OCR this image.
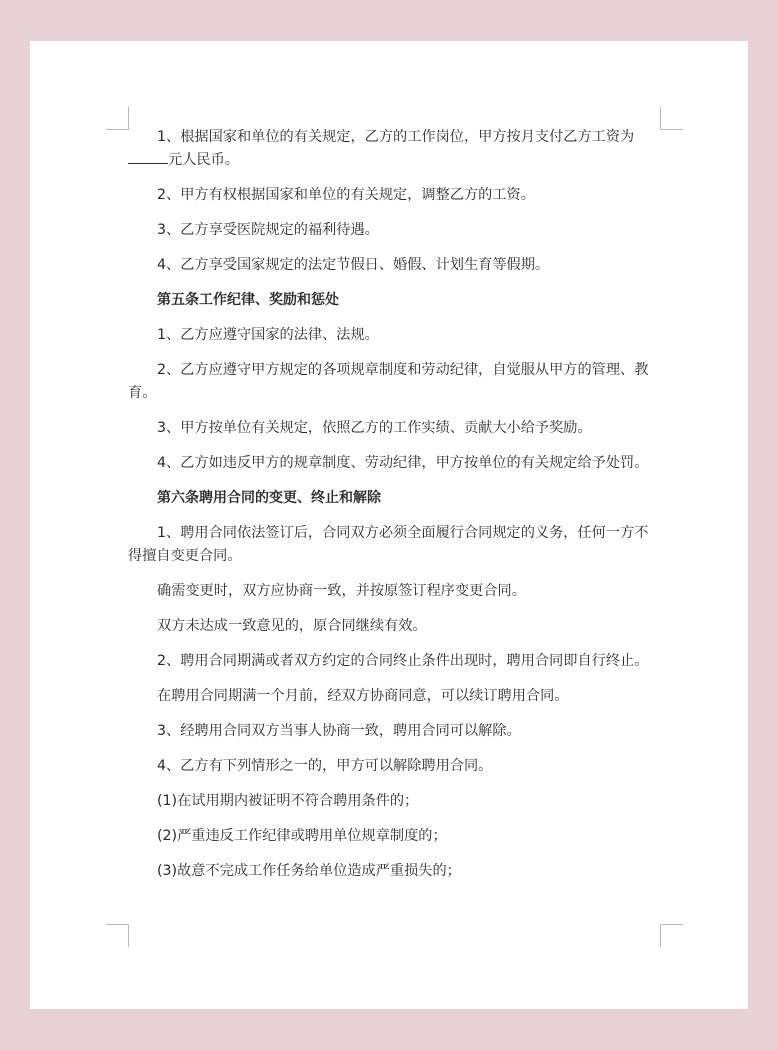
1、根据国家和单位的有关规定，乙方的工作岗位，甲方按月支付乙方工资为元人民币。

2、甲方有权根据国家和单位的有关规定，调整乙方的工资。

3、乙方享受医院规定的福利待遇。

4、乙方享受国家规定的法定节假日、婚假、计划生育等假期。

第五条工作纪律、奖励和惩处

1、乙方应遵守国家的法律、法规。

2、乙方应遵守甲方规定的各项规章制度和劳动纪律，自觉服从甲方的管理、教育。

3、甲方按单位有关规定，依照乙方的工作实绩、贡献大小给予奖励。

4、乙方如违反甲方的规章制度、劳动纪律，甲方按单位的有关规定给予处罚。

第六条聘用合同的变更、终止和解除

1、聘用合同依法签订后，合同双方必须全面履行合同规定的义务，任何一方不得擅自变更合同。

确需变更时，双方应协商一致，并按原签订程序变更合同。

双方未达成一致意见的，原合同继续有效。

2、聘用合同期满或者双方约定的合同终止条件出现时，聘用合同即自行终止。

在聘用合同期满一个月前，经双方协商同意，可以续订聘用合同。

3、经聘用合同双方当事人协商一致，聘用合同可以解除。

4、乙方有下列情形之一的，甲方可以解除聘用合同。

(1)在试用期内被证明不符合聘用条件的；

(2)严重违反工作纪律或聘用单位规章制度的；

(3)故意不完成工作任务给单位造成严重损失的；
